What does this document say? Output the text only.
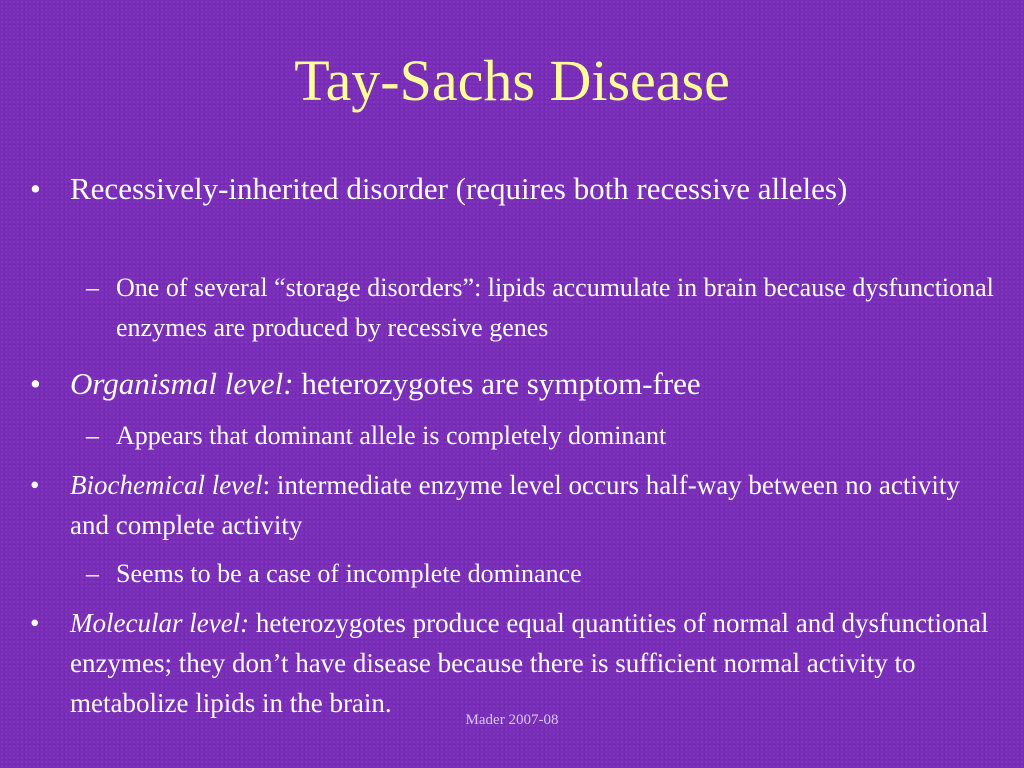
Tay-Sachs Disease
• Recessively-inherited disorder (requires both recessive alleles)
– One of several “storage disorders”: lipids accumulate in brain because dysfunctional enzymes are produced by recessive genes
• Organismal level: heterozygotes are symptom-free
– Appears that dominant allele is completely dominant
• Biochemical level: intermediate enzyme level occurs half-way between no activity and complete activity
– Seems to be a case of incomplete dominance
• Molecular level: heterozygotes produce equal quantities of normal and dysfunctional enzymes; they don’t have disease because there is sufficient normal activity to metabolize lipids in the brain.
Mader 2007-08
